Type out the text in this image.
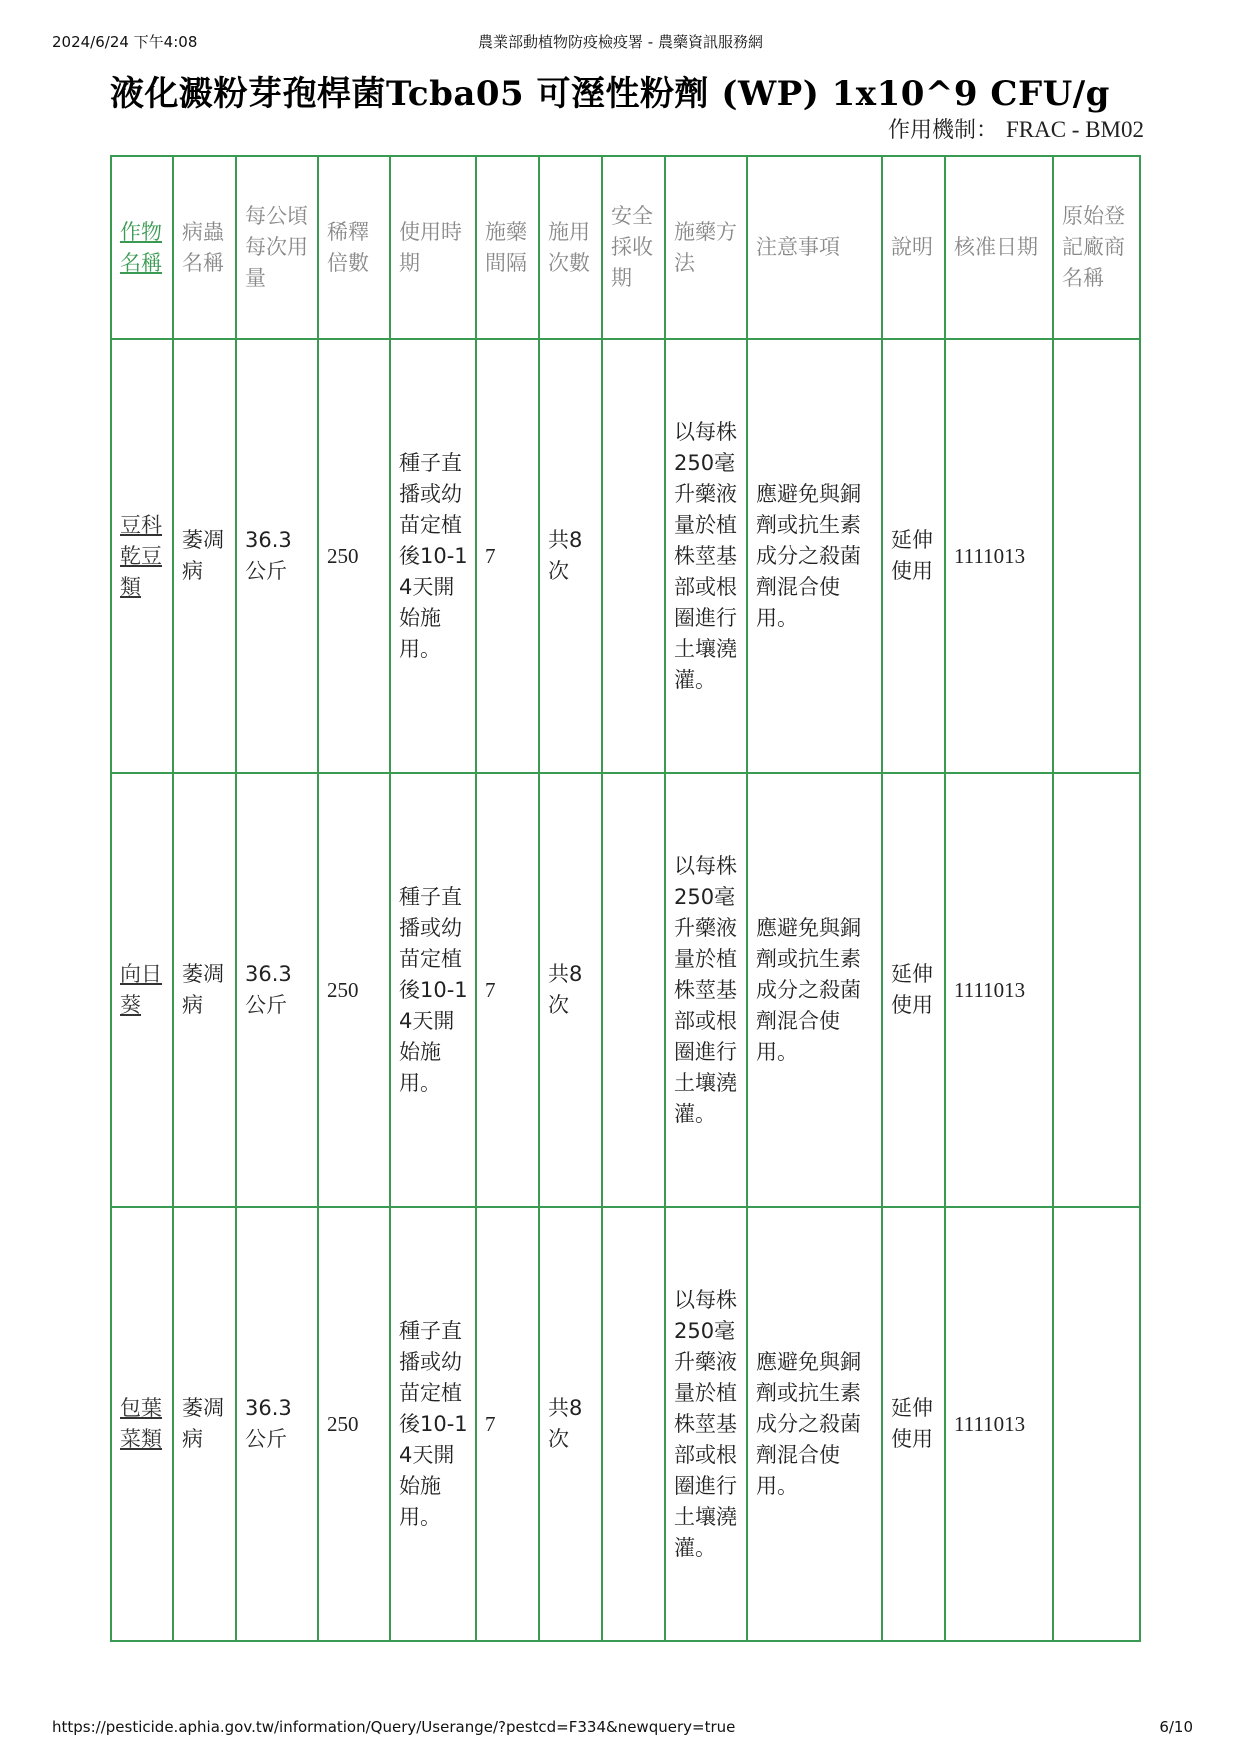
2024/6/24 下午4:08	農業部動植物防疫檢疫署 - 農藥資訊服務網
液化澱粉芽孢桿菌Tcba05 可溼性粉劑 (WP) 1x10^9 CFU/g
作用機制： FRAC - BM02
作物名稱	病蟲名稱	每公頃每次用量	稀釋倍數	使用時期	施藥間隔	施用次數	安全採收期	施藥方法	注意事項	說明	核准日期	原始登記廠商名稱
豆科乾豆類	萎凋病	36.3公斤	250	種子直播或幼苗定植後10-14天開始施用。	7	共8次		以每株250毫升藥液量於植株莖基部或根圈進行土壤澆灌。	應避免與銅劑或抗生素成分之殺菌劑混合使用。	延伸使用	1111013	
向日葵	萎凋病	36.3公斤	250	種子直播或幼苗定植後10-14天開始施用。	7	共8次		以每株250毫升藥液量於植株莖基部或根圈進行土壤澆灌。	應避免與銅劑或抗生素成分之殺菌劑混合使用。	延伸使用	1111013	
包葉菜類	萎凋病	36.3公斤	250	種子直播或幼苗定植後10-14天開始施用。	7	共8次		以每株250毫升藥液量於植株莖基部或根圈進行土壤澆灌。	應避免與銅劑或抗生素成分之殺菌劑混合使用。	延伸使用	1111013	
https://pesticide.aphia.gov.tw/information/Query/Userange/?pestcd=F334&newquery=true	6/10
